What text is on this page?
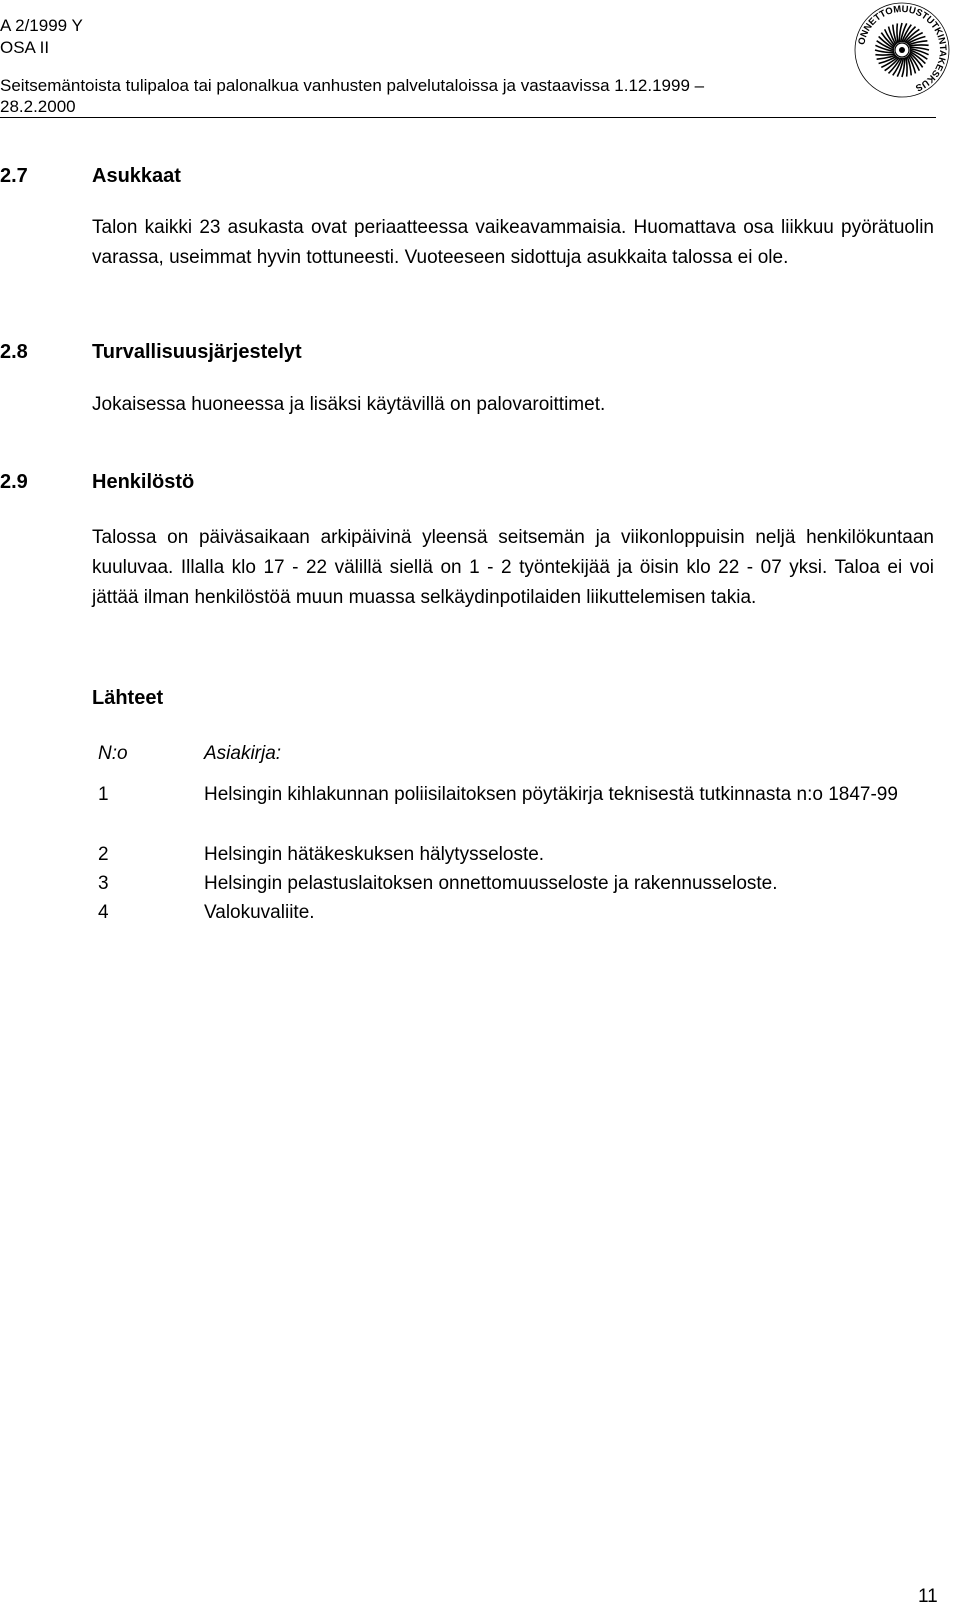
A 2/1999 Y
OSA II
Seitsemäntoista tulipaloa tai palonalkua vanhusten palvelutaloissa ja vastaavissa 1.12.1999 –
28.2.2000
ONNETTOMUUSTUTKINTAKESKUS
2.7	Asukkaat
Talon kaikki 23 asukasta ovat periaatteessa vaikeavammaisia. Huomattava osa liikkuu pyörätuolin varassa, useimmat hyvin tottuneesti. Vuoteeseen sidottuja asukkaita talossa ei ole.
2.8	Turvallisuusjärjestelyt
Jokaisessa huoneessa ja lisäksi käytävillä on palovaroittimet.
2.9	Henkilöstö
Talossa on päiväsaikaan arkipäivinä yleensä seitsemän ja viikonloppuisin neljä henkilökuntaan kuuluvaa. Illalla klo 17 - 22 välillä siellä on 1 - 2 työntekijää ja öisin klo 22 - 07 yksi. Taloa ei voi jättää ilman henkilöstöä muun muassa selkäydinpotilaiden liikuttelemisen takia.
Lähteet
N:o	Asiakirja:
1	Helsingin kihlakunnan poliisilaitoksen pöytäkirja teknisestä tutkinnasta n:o 1847-99
2	Helsingin hätäkeskuksen hälytysseloste.
3	Helsingin pelastuslaitoksen onnettomuusseloste ja rakennusseloste.
4	Valokuvaliite.
11
